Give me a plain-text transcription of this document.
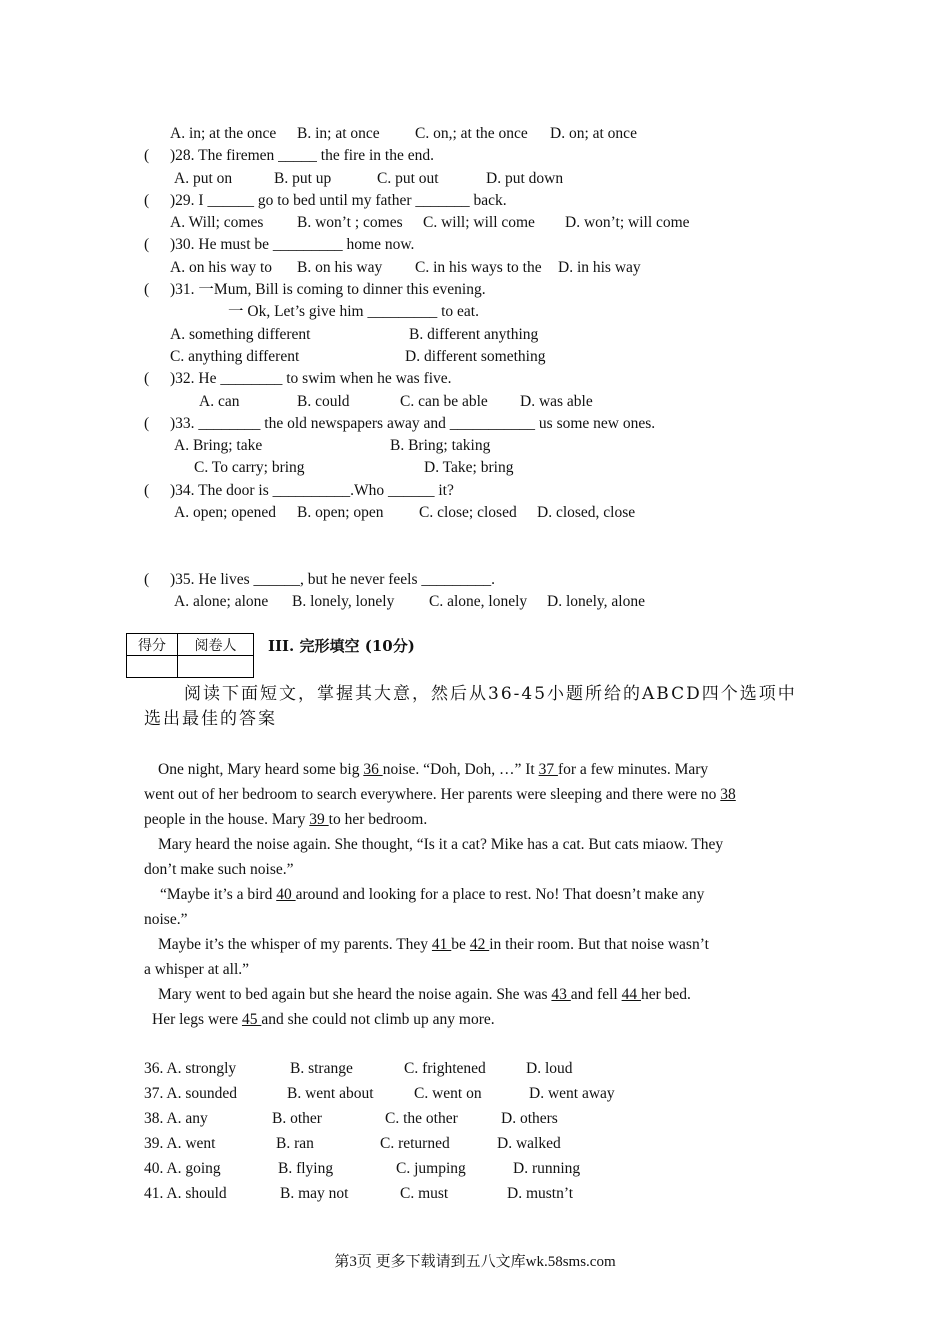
A. in; at the once B. in; at once C. on,; at the once D. on; at once
( )28. The firemen _____ the fire in the end.
A. put on	B. put up	C. put out	D. put down
( )29. I ______ go to bed until my father _______ back.
A. Will; comes B. won’t ; comes C. will; will come D. won’t; will come
( )30. He must be _________ home now.
A. on his way to B. on his way C. in his ways to the D. in his way
( )31. 一Mum, Bill is coming to dinner this evening.
一 Ok, Let’s give him _________ to eat.
A. something different	B. different anything
C. anything different	D. different something
( )32. He ________ to swim when he was five.
A. can	B. could	C. can be able D. was able
( )33. ________ the old newspapers away and ___________ us some new ones.
A. Bring; take	B. Bring; taking
C. To carry; bring	D. Take; bring
( )34. The door is __________.Who ______ it?
A. open; opened B. open; open C. close; closed D. closed, close
( )35. He lives ______, but he never feels _________.
A. alone; alone B. lonely, lonely C. alone, lonely D. lonely, alone
得分	阅卷人
	III. 完形填空 (10分)
阅读下面短文，掌握其大意，然后从36-45小题所给的ABCD四个选项中
选出最佳的答案
One night, Mary heard some big 36 noise. “Doh, Doh, …” It 37 for a few minutes. Mary
went out of her bedroom to search everywhere. Her parents were sleeping and there were no 38
people in the house. Mary 39 to her bedroom.
Mary heard the noise again. She thought, “Is it a cat? Mike has a cat. But cats miaow. They
don’t make such noise.”
“Maybe it’s a bird 40 around and looking for a place to rest. No! That doesn’t make any
noise.”
Maybe it’s the whisper of my parents. They 41 be 42 in their room. But that noise wasn’t
a whisper at all.”
Mary went to bed again but she heard the noise again. She was 43 and fell 44 her bed.
Her legs were 45 and she could not climb up any more.
36. A. strongly	B. strange	C. frightened	D. loud
37. A. sounded	B. went about	C. went on	D. went away
38. A. any	B. other	C. the other	D. others
39. A. went	B. ran	C. returned	D. walked
40. A. going	B. flying	C. jumping	D. running
41. A. should	B. may not	C. must	D. mustn’t
第3页 更多下载请到五八文库wk.58sms.com
